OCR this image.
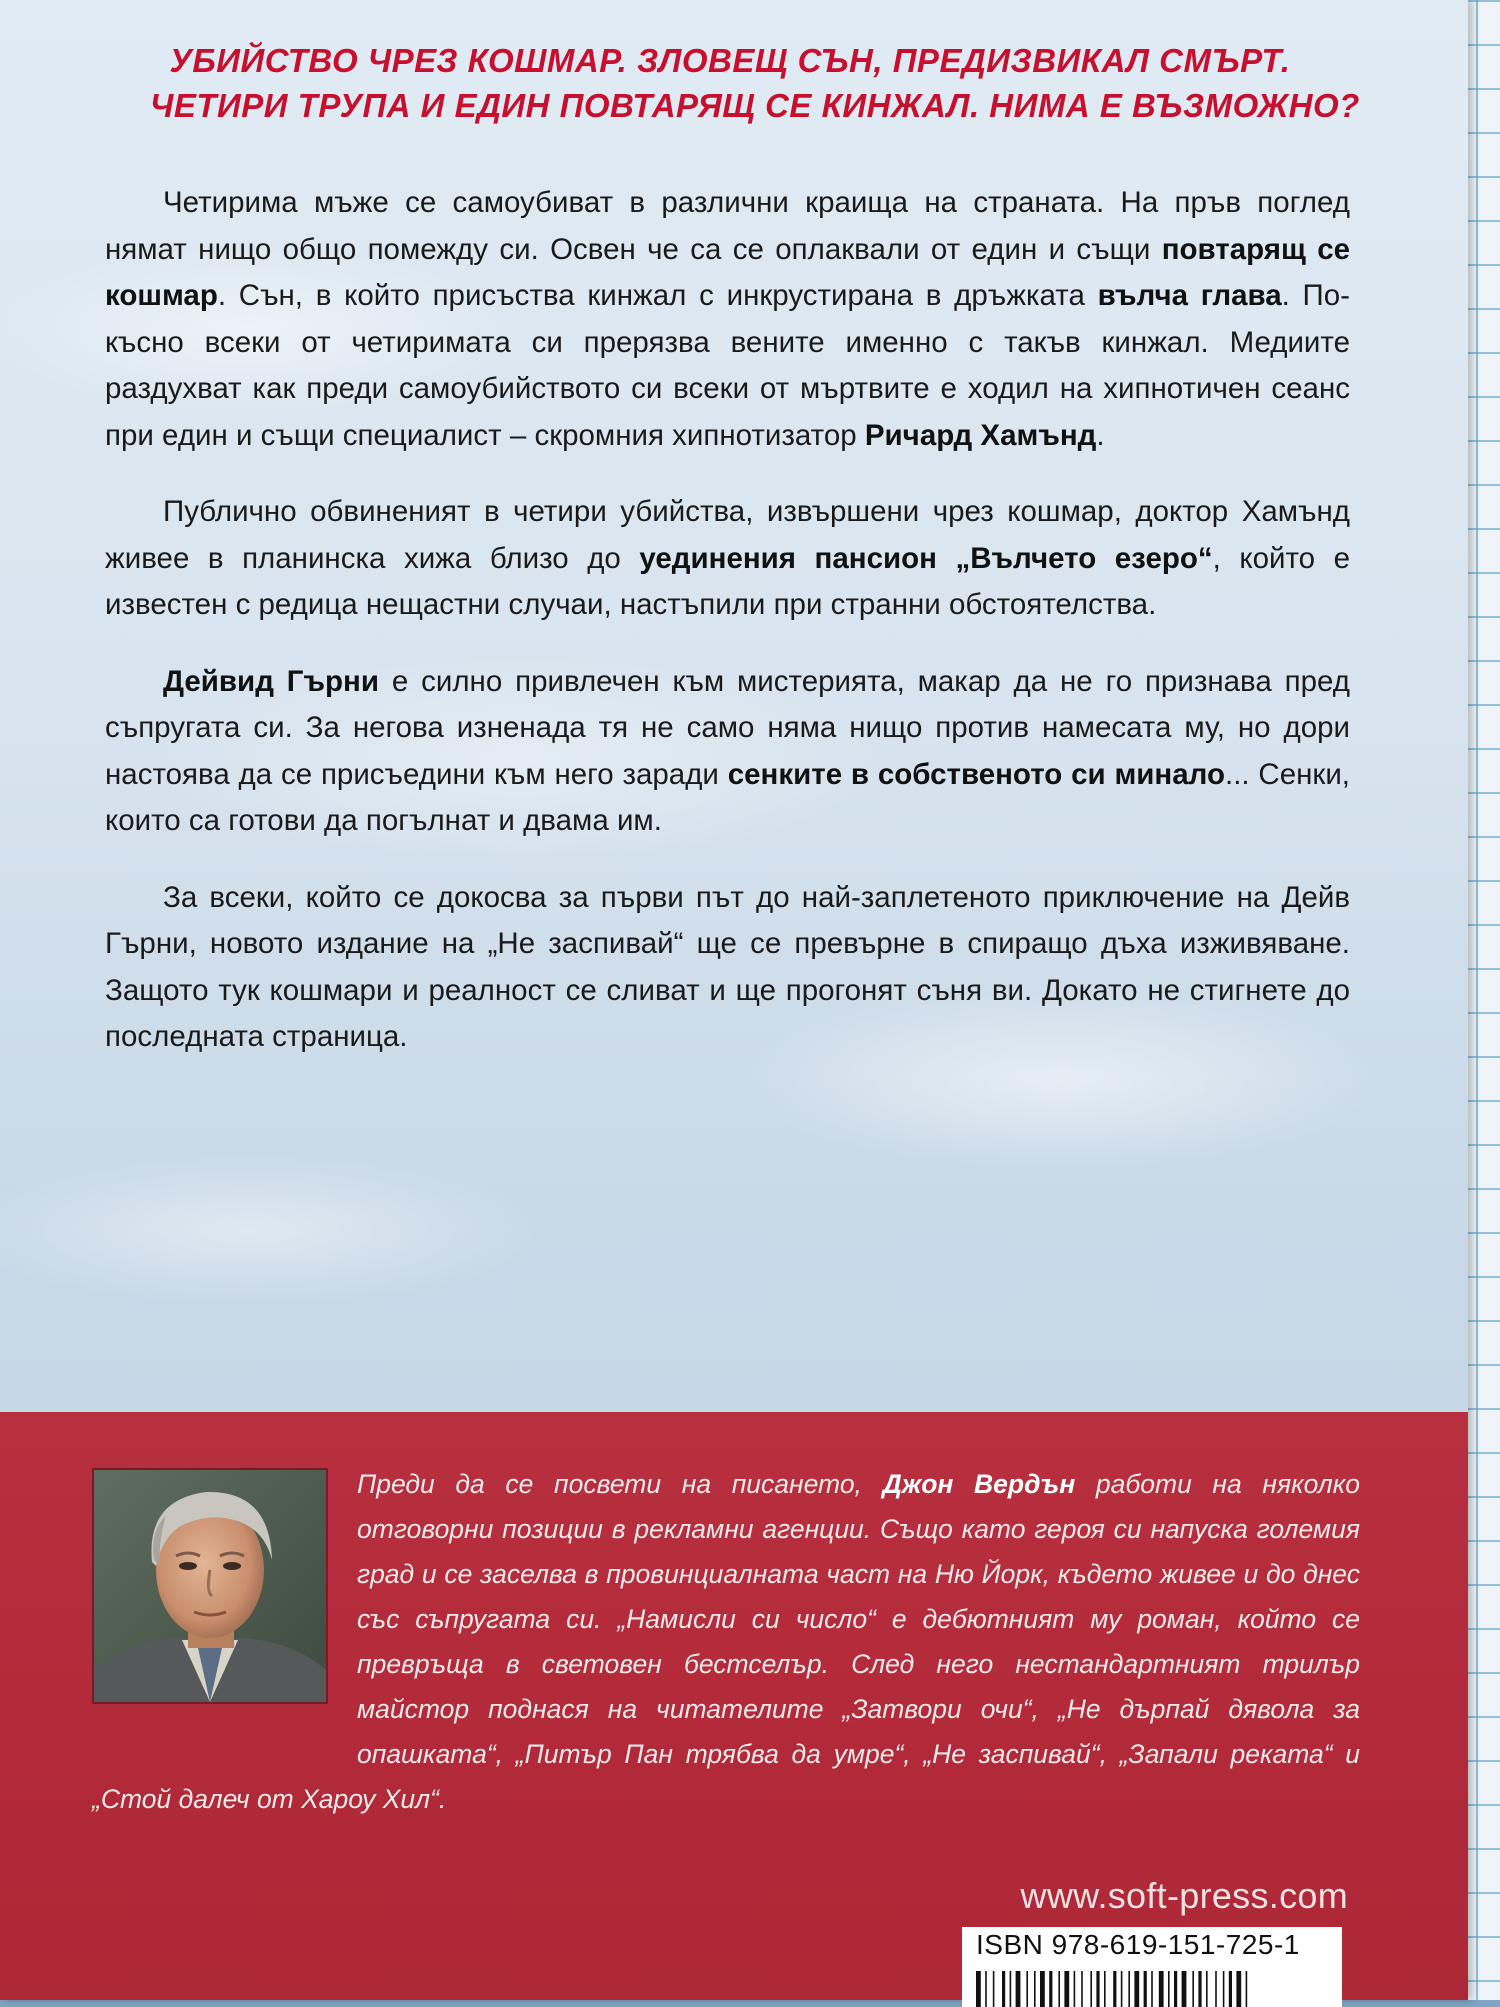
УБИЙСТВО ЧРЕЗ КОШМАР. ЗЛОВЕЩ СЪН, ПРЕДИЗВИКАЛ СМЪРТ.
ЧЕТИРИ ТРУПА И ЕДИН ПОВТАРЯЩ СЕ КИНЖАЛ. НИМА Е ВЪЗМОЖНО?

Четирима мъже се самоубиват в различни краища на страната. На пръв поглед нямат нищо общо помежду си. Освен че са се оплаквали от един и същи повтарящ се кошмар. Сън, в който присъства кинжал с инкрустирана в дръжката вълча глава. По-късно всеки от четиримата си прерязва вените именно с такъв кинжал. Медиите раздухват как преди самоубийството си всеки от мъртвите е ходил на хипнотичен сеанс при един и същи специалист – скромния хипнотизатор Ричард Хамънд.

Публично обвиненият в четири убийства, извършени чрез кошмар, доктор Хамънд живее в планинска хижа близо до уединения пансион „Вълчето езеро“, който е известен с редица нещастни случаи, настъпили при странни обстоятелства.

Дейвид Гърни е силно привлечен към мистерията, макар да не го признава пред съпругата си. За негова изненада тя не само няма нищо против намесата му, но дори настоява да се присъедини към него заради сенките в собственото си минало... Сенки, които са готови да погълнат и двама им.

За всеки, който се докосва за първи път до най-заплетеното приключение на Дейв Гърни, новото издание на „Не заспивай“ ще се превърне в спиращо дъха изживяване. Защото тук кошмари и реалност се сливат и ще прогонят съня ви. Докато не стигнете до последната страница.

Преди да се посвети на писането, Джон Вердън работи на няколко отговорни позиции в рекламни агенции. Също като героя си напуска големия град и се заселва в провинциалната част на Ню Йорк, където живее и до днес със съпругата си. „Намисли си число“ е дебютният му роман, който се превръща в световен бестселър. След него нестандартният трилър майстор поднася на читателите „Затвори очи“, „Не дърпай дявола за опашката“, „Питър Пан трябва да умре“, „Не заспивай“, „Запали реката“ и „Стой далеч от Хароу Хил“.
www.soft-press.com
ISBN 978-619-151-725-1
